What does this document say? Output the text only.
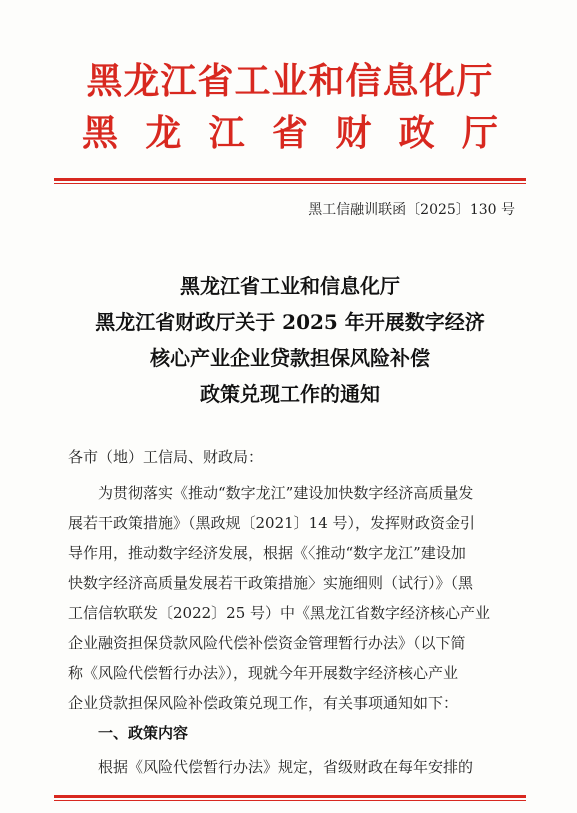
黑龙江省工业和信息化厅
黑 龙 江 省 财 政 厅
黑工信融训联函〔2025〕130 号
黑龙江省工业和信息化厅
黑龙江省财政厅关于 2025 年开展数字经济
核心产业企业贷款担保风险补偿
政策兑现工作的通知
各市（地）工信局、财政局：
为贯彻落实《推动“数字龙江”建设加快数字经济高质量发
展若干政策措施》（黑政规〔2021〕14 号），发挥财政资金引
导作用，推动数字经济发展，根据《〈推动“数字龙江”建设加
快数字经济高质量发展若干政策措施〉实施细则（试行）》（黑
工信信软联发〔2022〕25 号）中《黑龙江省数字经济核心产业
企业融资担保贷款风险代偿补偿资金管理暂行办法》（以下简
称《风险代偿暂行办法》），现就今年开展数字经济核心产业
企业贷款担保风险补偿政策兑现工作，有关事项通知如下：
一、政策内容
根据《风险代偿暂行办法》规定，省级财政在每年安排的
